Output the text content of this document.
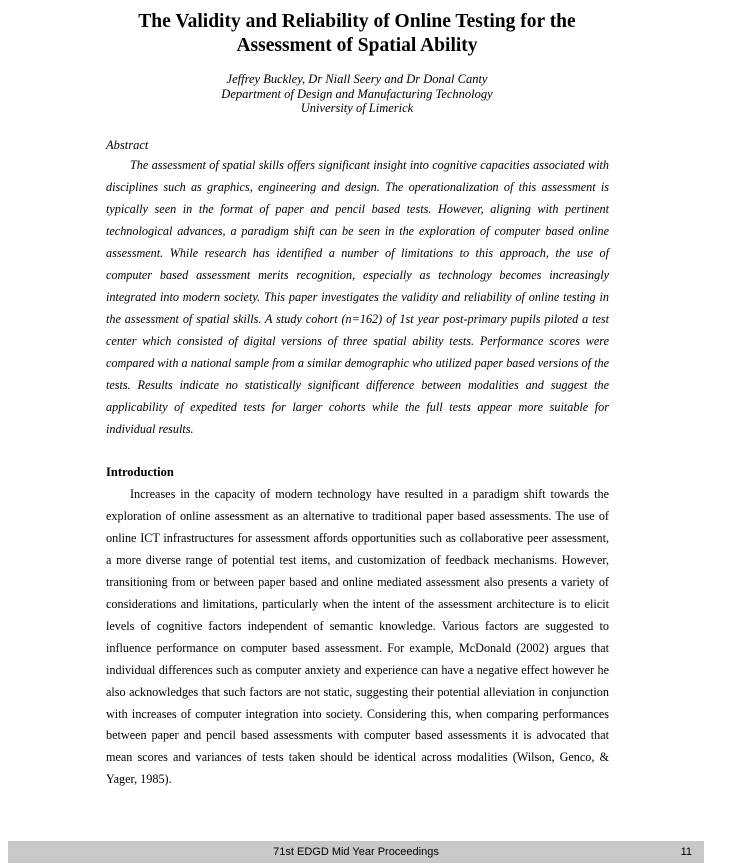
The Validity and Reliability of Online Testing for the
Assessment of Spatial Ability
Jeffrey Buckley, Dr Niall Seery and Dr Donal Canty
Department of Design and Manufacturing Technology
University of Limerick
Abstract

The assessment of spatial skills offers significant insight into cognitive capacities associated with disciplines such as graphics, engineering and design. The operationalization of this assessment is typically seen in the format of paper and pencil based tests. However, aligning with pertinent technological advances, a paradigm shift can be seen in the exploration of computer based online assessment. While research has identified a number of limitations to this approach, the use of computer based assessment merits recognition, especially as technology becomes increasingly integrated into modern society. This paper investigates the validity and reliability of online testing in the assessment of spatial skills. A study cohort (n=162) of 1st year post-primary pupils piloted a test center which consisted of digital versions of three spatial ability tests. Performance scores were compared with a national sample from a similar demographic who utilized paper based versions of the tests. Results indicate no statistically significant difference between modalities and suggest the applicability of expedited tests for larger cohorts while the full tests appear more suitable for individual results.

Introduction

Increases in the capacity of modern technology have resulted in a paradigm shift towards the exploration of online assessment as an alternative to traditional paper based assessments. The use of online ICT infrastructures for assessment affords opportunities such as collaborative peer assessment, a more diverse range of potential test items, and customization of feedback mechanisms. However, transitioning from or between paper based and online mediated assessment also presents a variety of considerations and limitations, particularly when the intent of the assessment architecture is to elicit levels of cognitive factors independent of semantic knowledge. Various factors are suggested to influence performance on computer based assessment. For example, McDonald (2002) argues that individual differences such as computer anxiety and experience can have a negative effect however he also acknowledges that such factors are not static, suggesting their potential alleviation in conjunction with increases of computer integration into society. Considering this, when comparing performances between paper and pencil based assessments with computer based assessments it is advocated that mean scores and variances of tests taken should be identical across modalities (Wilson, Genco, & Yager, 1985).

71st EDGD Mid Year Proceedings	11
